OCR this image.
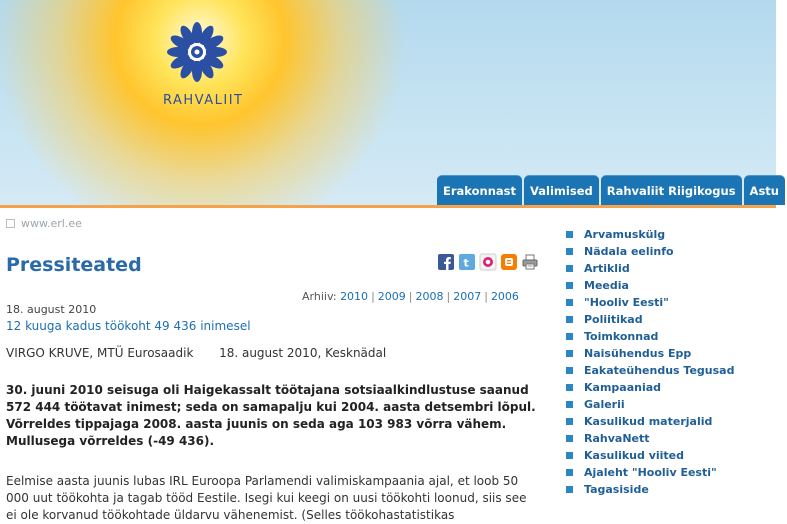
RAHVALIIT
Erakonnast	Valimised	Rahvaliit Riigikogus	Astu
www.erl.ee
Pressiteated	t
Arhiiv: 2010 | 2009 | 2008 | 2007 | 2006
18. august 2010
12 kuuga kadus töökoht 49 436 inimesel
VIRGO KRUVE, MTÜ Eurosaadik 18. august 2010, Kesknädal

30. juuni 2010 seisuga oli Haigekassalt töötajana sotsiaalkindlustuse saanud 572 444 töötavat inimest; seda on samapalju kui 2004. aasta detsembri lõpul. Võrreldes tippajaga 2008. aasta juunis on seda aga 103 983 võrra vähem. Mullusega võrreldes (-49 436).

Eelmise aasta juunis lubas IRL Euroopa Parlamendi valimiskampaania ajal, et loob 50 000 uut töökohta ja tagab tööd Eestile. Isegi kui keegi on uusi töökohti loonud, siis see ei ole korvanud töökohtade üldarvu vähenemist. (Selles töökohastatistikas

Arvamuskülg
Nädala eelinfo
Artiklid
Meedia
"Hooliv Eesti"
Poliitikad
Toimkonnad
Naisühendus Epp
Eakateühendus Tegusad
Kampaaniad
Galerii
Kasulikud materjalid
RahvaNett
Kasulikud viited
Ajaleht "Hooliv Eesti"
Tagasiside
